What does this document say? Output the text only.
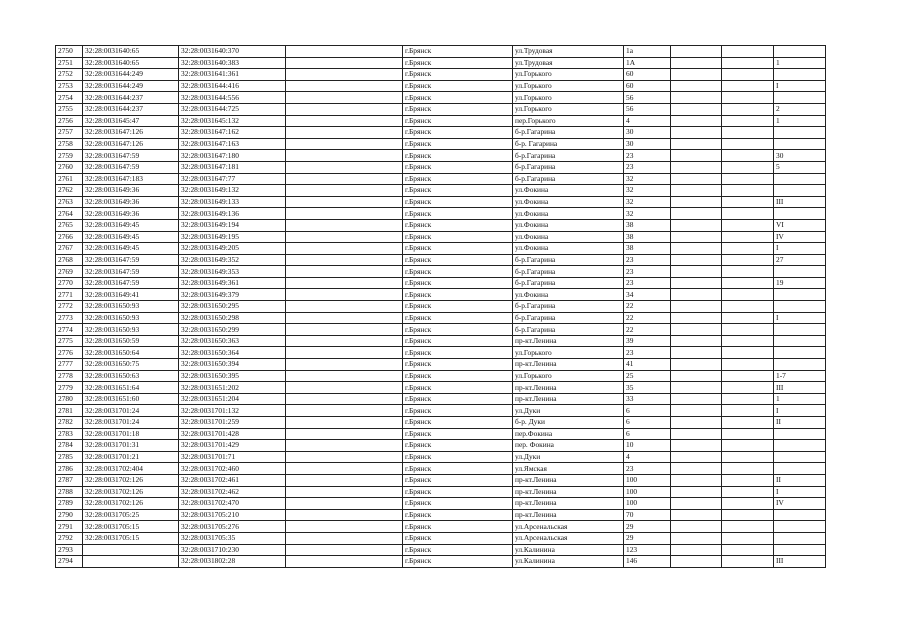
2750	32:28:0031640:65	32:28:0031640:370		г.Брянск	ул.Трудовая	1а			
2751	32:28:0031640:65	32:28:0031640:383		г.Брянск	ул.Трудовая	1А			1
2752	32:28:0031644:249	32:28:0031641:361		г.Брянск	ул.Горького	60			
2753	32:28:0031644:249	32:28:0031644:416		г.Брянск	ул.Горького	60			I
2754	32:28:0031644:237	32:28:0031644:556		г.Брянск	ул.Горького	56			
2755	32:28:0031644:237	32:28:0031644:725		г.Брянск	ул.Горького	56			2
2756	32:28:0031645:47	32:28:0031645:132		г.Брянск	пер.Горького	4			1
2757	32:28:0031647:126	32:28:0031647:162		г.Брянск	б-р.Гагарина	30			
2758	32:28:0031647:126	32:28:0031647:163		г.Брянск	б-р. Гагарина	30			
2759	32:28:0031647:59	32:28:0031647:180		г.Брянск	б-р.Гагарина	23			30
2760	32:28:0031647:59	32:28:0031647:181		г.Брянск	б-р.Гагарина	23			5
2761	32:28:0031647:183	32:28:0031647:77		г.Брянск	б-р.Гагарина	32			
2762	32:28:0031649:36	32:28:0031649:132		г.Брянск	ул.Фокина	32			
2763	32:28:0031649:36	32:28:0031649:133		г.Брянск	ул.Фокина	32			III
2764	32:28:0031649:36	32:28:0031649:136		г.Брянск	ул.Фокина	32			
2765	32:28:0031649:45	32:28:0031649:194		г.Брянск	ул.Фокина	38			VI
2766	32:28:0031649:45	32:28:0031649:195		г.Брянск	ул.Фокина	38			IV
2767	32:28:0031649:45	32:28:0031649:205		г.Брянск	ул.Фокина	38			I
2768	32:28:0031647:59	32:28:0031649:352		г.Брянск	б-р.Гагарина	23			27
2769	32:28:0031647:59	32:28:0031649:353		г.Брянск	б-р.Гагарина	23			
2770	32:28:0031647:59	32:28:0031649:361		г.Брянск	б-р.Гагарина	23			19
2771	32:28:0031649:41	32:28:0031649:379		г.Брянск	ул.Фокина	34			
2772	32:28:0031650:93	32:28:0031650:295		г.Брянск	б-р.Гагарина	22			
2773	32:28:0031650:93	32:28:0031650:298		г.Брянск	б-р.Гагарина	22			I
2774	32:28:0031650:93	32:28:0031650:299		г.Брянск	б-р.Гагарина	22			
2775	32:28:0031650:59	32:28:0031650:363		г.Брянск	пр-кт.Ленина	39			
2776	32:28:0031650:64	32:28:0031650:364		г.Брянск	ул.Горького	23			
2777	32:28:0031650:75	32:28:0031650:394		г.Брянск	пр-кт.Ленина	41			
2778	32:28:0031650:63	32:28:0031650:395		г.Брянск	ул.Горького	25			1-7
2779	32:28:0031651:64	32:28:0031651:202		г.Брянск	пр-кт.Ленина	35			III
2780	32:28:0031651:60	32:28:0031651:204		г.Брянск	пр-кт.Ленина	33			1
2781	32:28:0031701:24	32:28:0031701:132		г.Брянск	ул.Дуки	6			I
2782	32:28:0031701:24	32:28:0031701:259		г.Брянск	б-р. Дуки	6			II
2783	32:28:0031701:18	32:28:0031701:428		г.Брянск	пер.Фокина	6			
2784	32:28:0031701:31	32:28:0031701:429		г.Брянск	пер. Фокина	10			
2785	32:28:0031701:21	32:28:0031701:71		г.Брянск	ул.Дуки	4			
2786	32:28:0031702:404	32:28:0031702:460		г.Брянск	ул.Ямская	23			
2787	32:28:0031702:126	32:28:0031702:461		г.Брянск	пр-кт.Ленина	100			II
2788	32:28:0031702:126	32:28:0031702:462		г.Брянск	пр-кт.Ленина	100			I
2789	32:28:0031702:126	32:28:0031702:470		г.Брянск	пр-кт.Ленина	100			IV
2790	32:28:0031705:25	32:28:0031705:210		г.Брянск	пр-кт.Ленина	70			
2791	32:28:0031705:15	32:28:0031705:276		г.Брянск	ул.Арсенальская	29			
2792	32:28:0031705:15	32:28:0031705:35		г.Брянск	ул.Арсенальская	29			
2793		32:28:0031710:230		г.Брянск	ул.Калинина	123			
2794		32:28:0031802:28		г.Брянск	ул.Калинина	146			III
